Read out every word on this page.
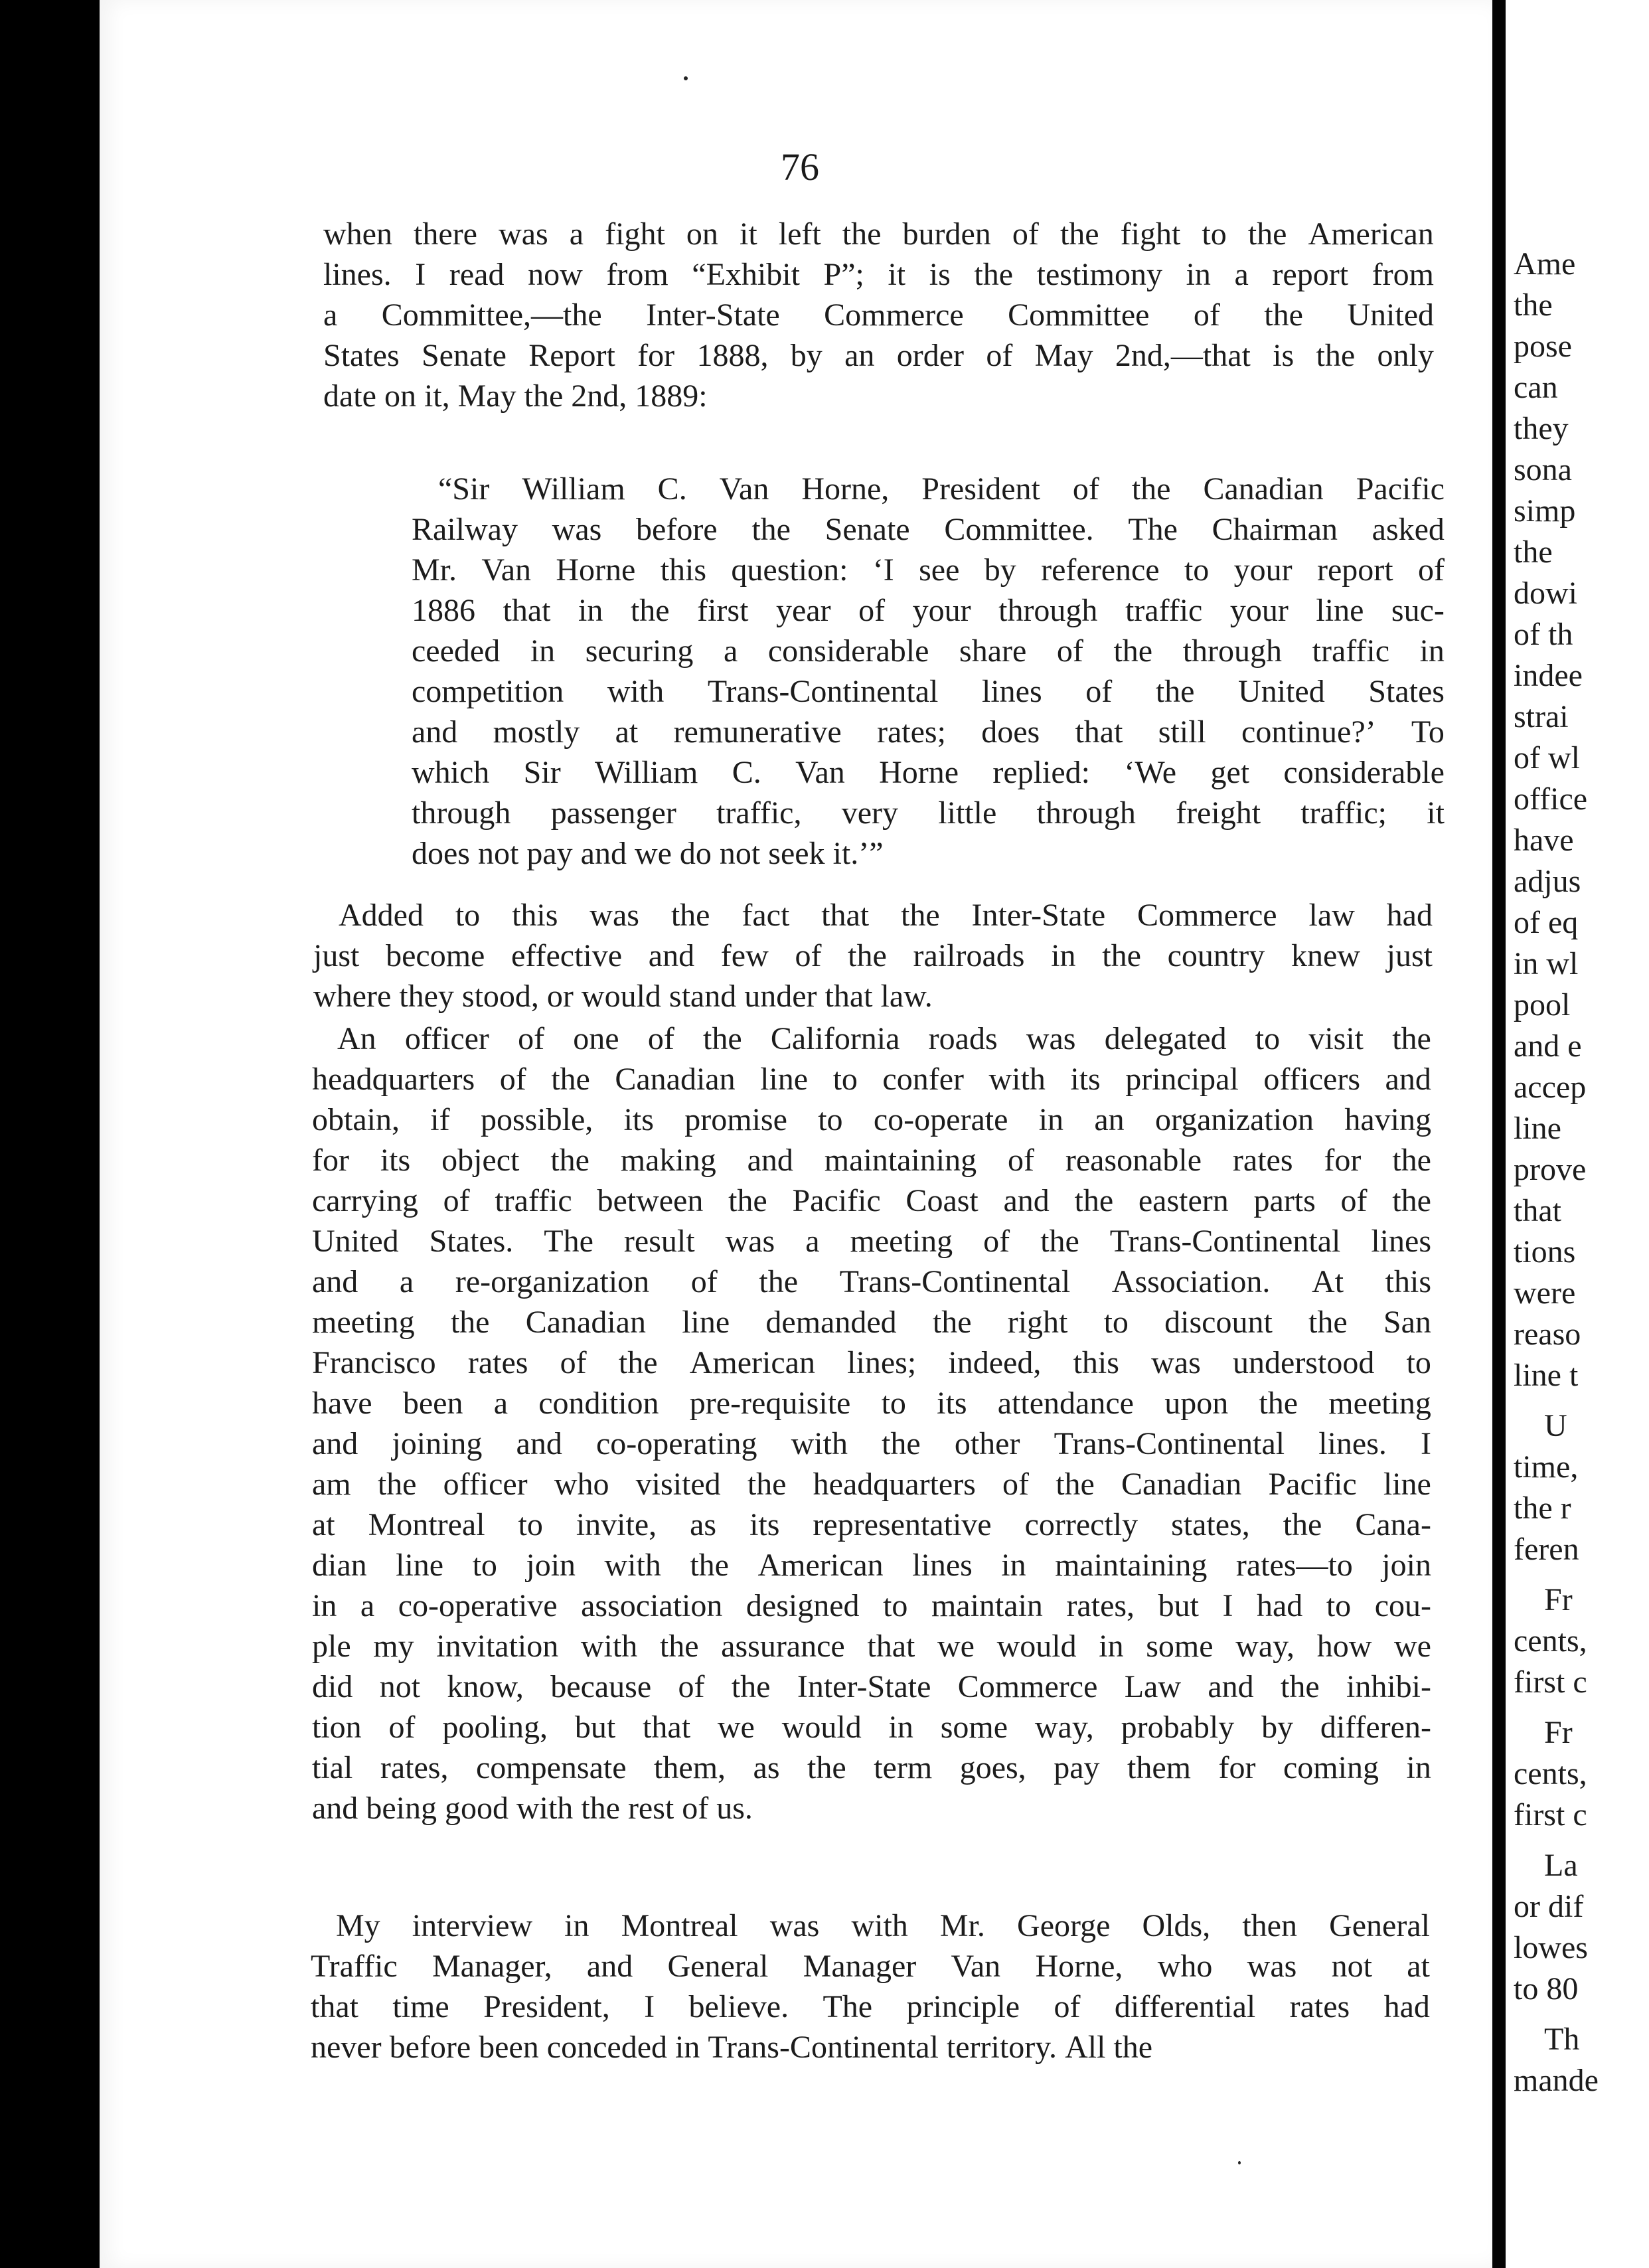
76
when there was a fight on it left the burden of the fight to the American
lines. I read now from “Exhibit P”; it is the testimony in a report from
a Committee,—the Inter-State Commerce Committee of the United
States Senate Report for 1888, by an order of May 2nd,—that is the only
date on it, May the 2nd, 1889:
“Sir William C. Van Horne, President of the Canadian Pacific
Railway was before the Senate Committee. The Chairman asked
Mr. Van Horne this question: ‘I see by reference to your report of
1886 that in the first year of your through traffic your line suc-
ceeded in securing a considerable share of the through traffic in
competition with Trans-Continental lines of the United States
and mostly at remunerative rates; does that still continue?’ To
which Sir William C. Van Horne replied: ‘We get considerable
through passenger traffic, very little through freight traffic; it
does not pay and we do not seek it.’”
Added to this was the fact that the Inter-State Commerce law had
just become effective and few of the railroads in the country knew just
where they stood, or would stand under that law.
An officer of one of the California roads was delegated to visit the
headquarters of the Canadian line to confer with its principal officers and
obtain, if possible, its promise to co-operate in an organization having
for its object the making and maintaining of reasonable rates for the
carrying of traffic between the Pacific Coast and the eastern parts of the
United States. The result was a meeting of the Trans-Continental lines
and a re-organization of the Trans-Continental Association. At this
meeting the Canadian line demanded the right to discount the San
Francisco rates of the American lines; indeed, this was understood to
have been a condition pre-requisite to its attendance upon the meeting
and joining and co-operating with the other Trans-Continental lines. I
am the officer who visited the headquarters of the Canadian Pacific line
at Montreal to invite, as its representative correctly states, the Cana-
dian line to join with the American lines in maintaining rates—to join
in a co-operative association designed to maintain rates, but I had to cou-
ple my invitation with the assurance that we would in some way, how we
did not know, because of the Inter-State Commerce Law and the inhibi-
tion of pooling, but that we would in some way, probably by differen-
tial rates, compensate them, as the term goes, pay them for coming in
and being good with the rest of us.
My interview in Montreal was with Mr. George Olds, then General
Traffic Manager, and General Manager Van Horne, who was not at
that time President, I believe. The principle of differential rates had
never before been conceded in Trans-Continental territory. All the
Ame
the
pose
can
they
sona
simp
the
dowi
of th
indee
strai
of wl
office
have
adjus
of eq
in wl
pool
and e
accep
line
prove
that
tions
were
reaso
line t
U
time,
the r
feren
Fr
cents,
first c
Fr
cents,
first c
La
or dif
lowes
to 80
Th
mande
